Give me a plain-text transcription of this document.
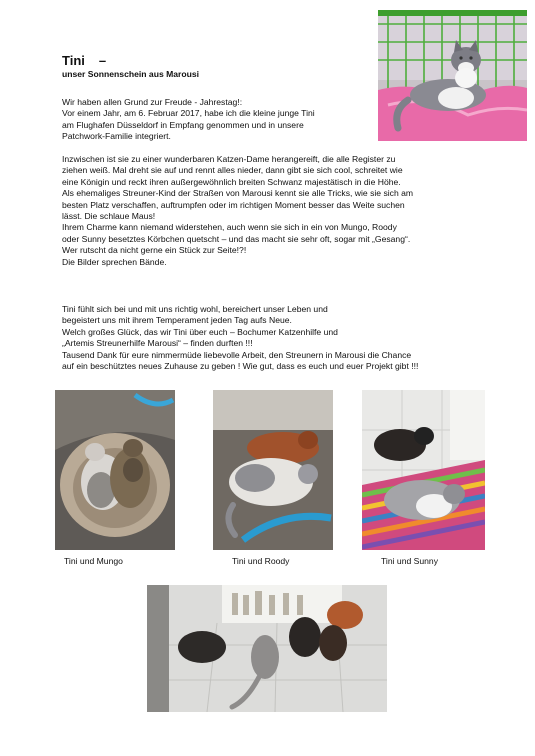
Tini –
unser Sonnenschein aus Marousi
Wir haben allen Grund zur Freude - Jahrestag!:
Vor einem Jahr, am 6. Februar 2017, habe ich die kleine junge Tini
am Flughafen Düsseldorf in Empfang genommen und in unsere
Patchwork-Familie integriert.
Inzwischen ist sie zu einer wunderbaren Katzen-Dame herangereift, die alle Register zu
ziehen weiß. Mal dreht sie auf und rennt alles nieder, dann gibt sie sich cool, schreitet wie
eine Königin und reckt ihren außergewöhnlich breiten Schwanz majestätisch in die Höhe.
Als ehemaliges Streuner-Kind der Straßen von Marousi kennt sie alle Tricks, wie sie sich am
besten Platz verschaffen, auftrumpfen oder im richtigen Moment besser das Weite suchen
lässt. Die schlaue Maus!
Ihrem Charme kann niemand widerstehen, auch wenn sie sich in ein von Mungo, Roody
oder Sunny besetztes Körbchen quetscht – und das macht sie sehr oft, sogar mit „Gesang“.
Wer rutscht da nicht gerne ein Stück zur Seite!?!
Die Bilder sprechen Bände.
Tini fühlt sich bei und mit uns richtig wohl, bereichert unser Leben und
begeistert uns mit ihrem Temperament jeden Tag aufs Neue.
Welch großes Glück, das wir Tini über euch – Bochumer Katzenhilfe und
„Artemis Streunerhilfe Marousi“ – finden durften !!!
Tausend Dank für eure nimmermüde liebevolle Arbeit, den Streunern in Marousi die Chance
auf ein beschütztes neues Zuhause zu geben ! Wie gut, dass es euch und euer Projekt gibt !!!
Tini und Mungo	Tini und Roody	Tini und Sunny
